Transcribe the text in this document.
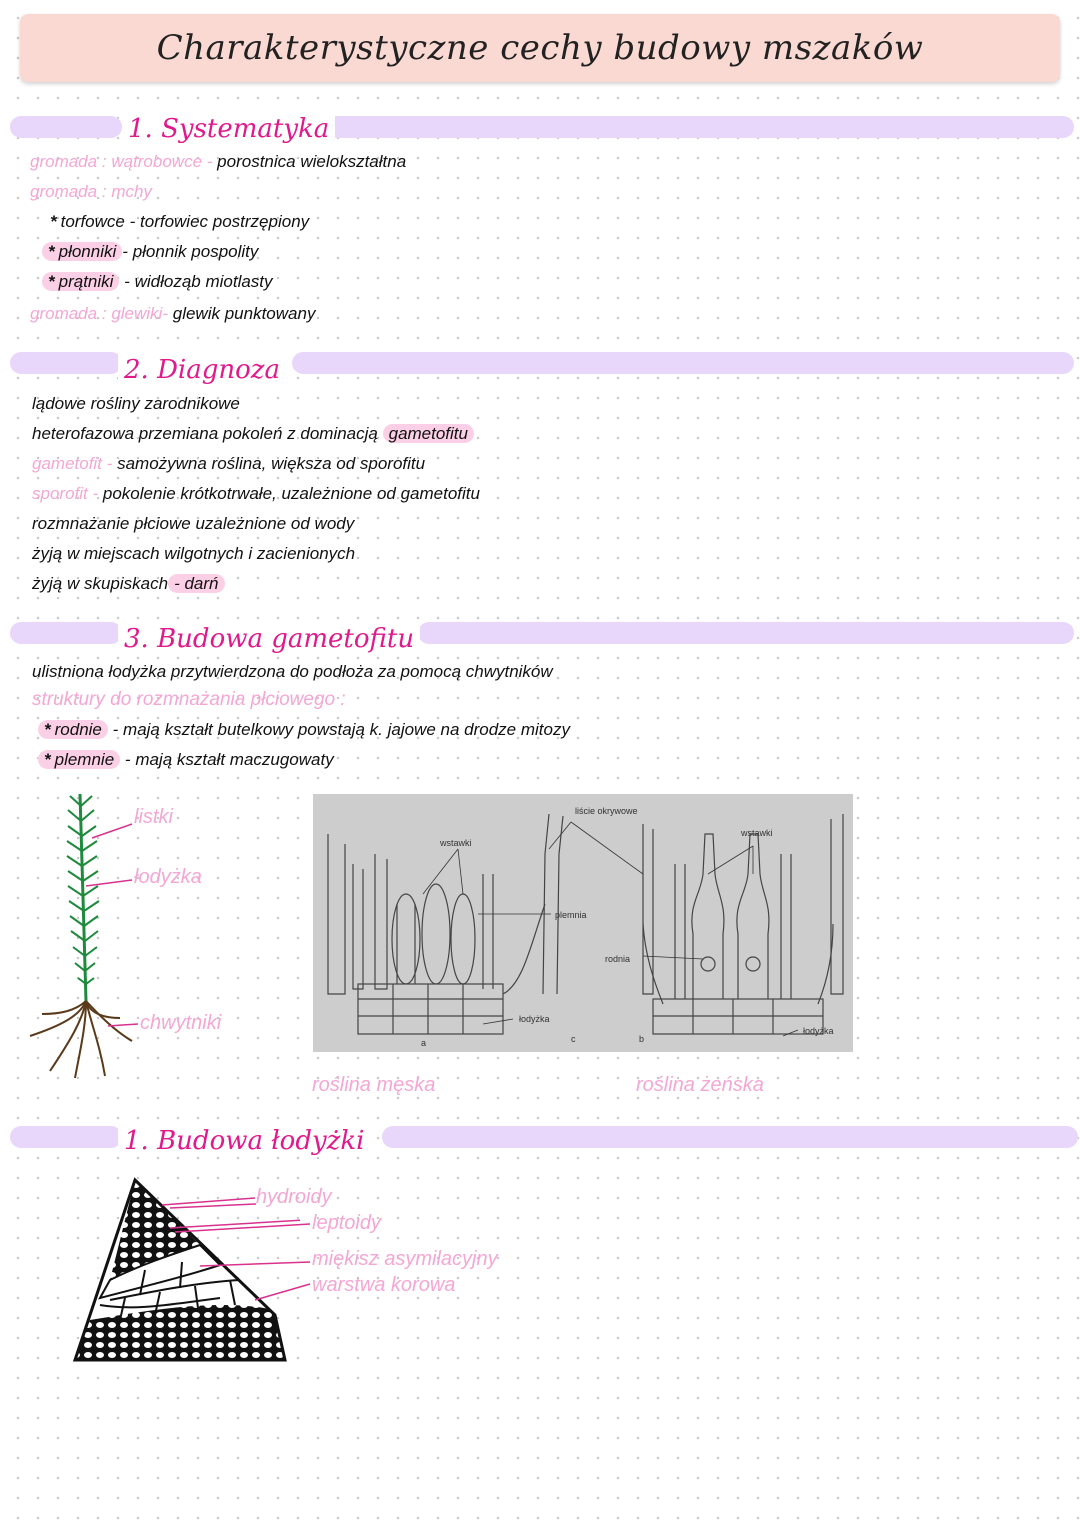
Charakterystyczne cechy budowy mszaków
1. Systematyka
gromada : wątrobowce - porostnica wielokształtna
gromada : mchy
* torfowce - torfowiec postrzępiony
* płonniki - płonnik pospolity
* prątniki - widłoząb miotlasty
gromada : glewiki- glewik punktowany
2. Diagnoza
lądowe rośliny zarodnikowe
heterofazowa przemiana pokoleń z dominacją gametofitu
gametofit - samożywna roślina, większa od sporofitu
sporofit - pokolenie krótkotrwałe, uzależnione od gametofitu
rozmnażanie płciowe uzależnione od wody
żyją w miejscach wilgotnych i zacienionych
żyją w skupiskach - darń
3. Budowa gametofitu
ulistniona łodyżka przytwierdzona do podłoża za pomocą chwytników
struktury do rozmnażania płciowego :
* rodnie - mają kształt butelkowy powstają k. jajowe na drodze mitozy
* plemnie - mają kształt maczugowaty
listki
łodyżka
chwytniki
liście okrywowe
wstawki
wstawki
plemnia
rodnia
łodyżka
łodyżka
a	c	b
roślina męska	roślina żeńska
1. Budowa łodyżki
hydroidy
leptoidy
miękisz asymilacyjny
warstwa korowa
